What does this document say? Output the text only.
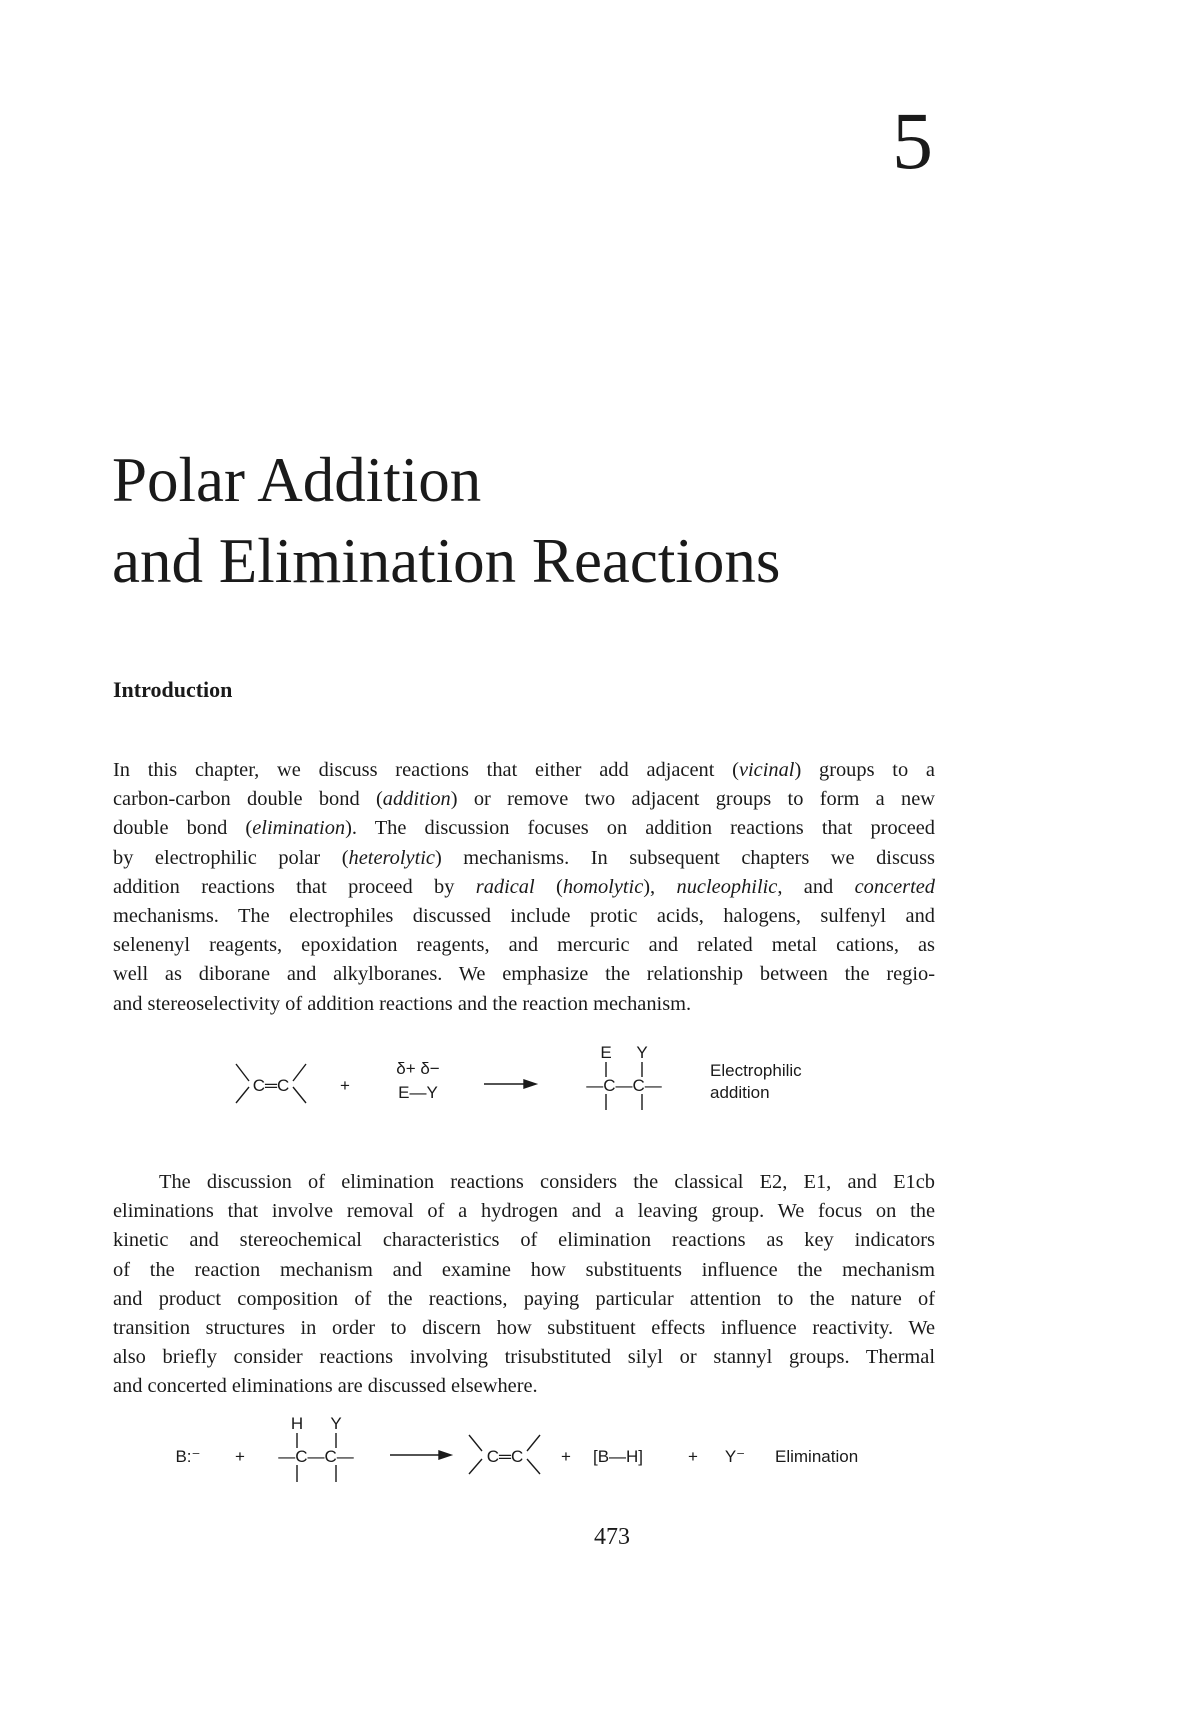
5
Polar Addition
and Elimination Reactions
Introduction
In this chapter, we discuss reactions that either add adjacent (vicinal) groups to a
carbon-carbon double bond (addition) or remove two adjacent groups to form a new
double bond (elimination). The discussion focuses on addition reactions that proceed
by electrophilic polar (heterolytic) mechanisms. In subsequent chapters we discuss
addition reactions that proceed by radical (homolytic), nucleophilic, and concerted
mechanisms. The electrophiles discussed include protic acids, halogens, sulfenyl and
selenenyl reagents, epoxidation reagents, and mercuric and related metal cations, as
well as diborane and alkylboranes. We emphasize the relationship between the regio-
and stereoselectivity of addition reactions and the reaction mechanism.
C═C	+
δ+ δ−
E—Y
E Y
—C—C—
Electrophilic
addition
The discussion of elimination reactions considers the classical E2, E1, and E1cb
eliminations that involve removal of a hydrogen and a leaving group. We focus on the
kinetic and stereochemical characteristics of elimination reactions as key indicators
of the reaction mechanism and examine how substituents influence the mechanism
and product composition of the reactions, paying particular attention to the nature of
transition structures in order to discern how substituent effects influence reactivity. We
also briefly consider reactions involving trisubstituted silyl or stannyl groups. Thermal
and concerted eliminations are discussed elsewhere.
B:⁻ +
H Y
—C—C—	C═C + [B—H]	+ Y⁻ Elimination
473
